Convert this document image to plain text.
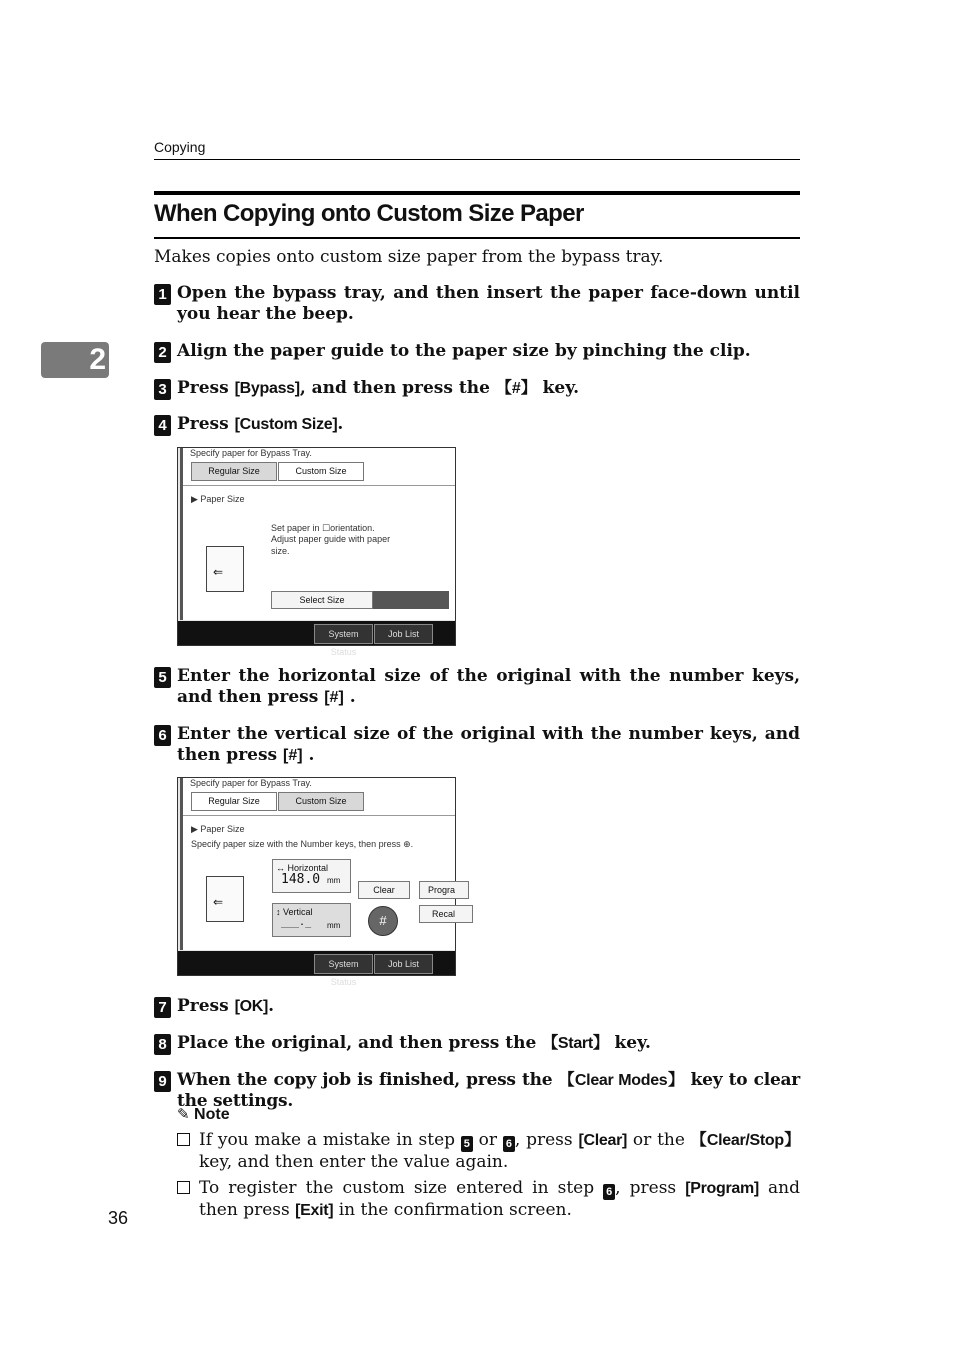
Copying
2
When Copying onto Custom Size Paper
Makes copies onto custom size paper from the bypass tray.
1 Open the bypass tray, and then insert the paper face-down until you hear the beep.
2 Align the paper guide to the paper size by pinching the clip.
3 Press [Bypass], and then press the 【#】 key.
4 Press [Custom Size].
Specify paper for Bypass Tray.
Regular Size	Custom Size
▶ Paper Size
⇐
Set paper in ☐orientation.
Adjust paper guide with paper
size.
Select Size
System Status
Job List
5 Enter the horizontal size of the original with the number keys, and then press [#] .
6 Enter the vertical size of the original with the number keys, and then press [#] .
Specify paper for Bypass Tray.
Regular Size	Custom Size
▶ Paper Size
Specify paper size with the Number keys, then press ⊕.
⇐
↔ Horizontal
148.0 mm
↕ Vertical
___._ mm
Clear
#
Progra
Recal
System Status
Job List
7 Press [OK].
8 Place the original, and then press the 【Start】 key.
9 When the copy job is finished, press the 【Clear Modes】 key to clear the settings.
✎ Note
If you make a mistake in step 5 or 6 , press [Clear] or the 【Clear/Stop】 key, and then enter the value again.
To register the custom size entered in step 6 , press [Program] and then press [Exit] in the confirmation screen.
36
